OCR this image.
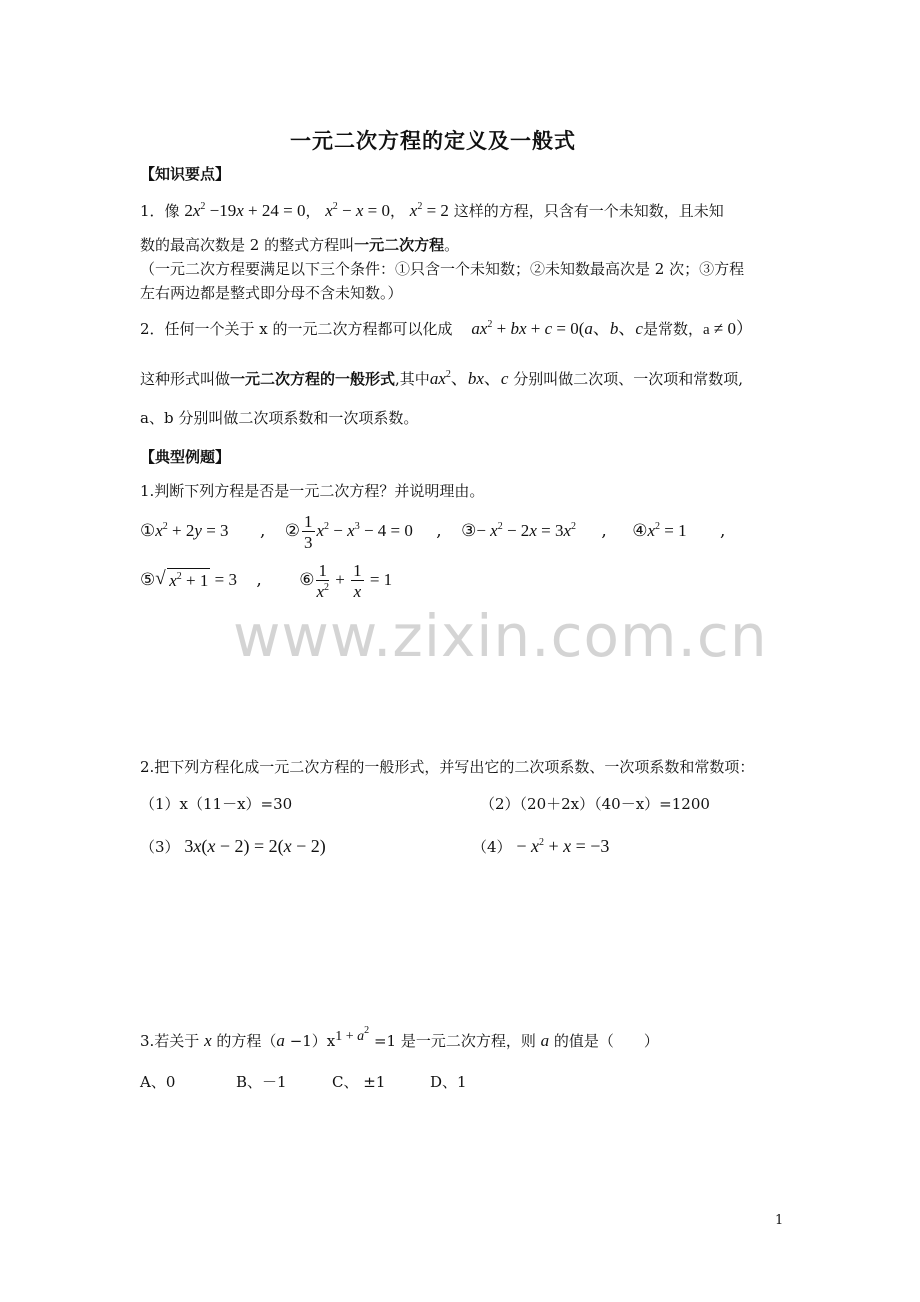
一元二次方程的定义及一般式
【知识要点】
1．像 $2x^2 -19x + 24 = 0$， $x^2 - x = 0$， $x^2 = 2$ 这样的方程，只含有一个未知数，且未知
数的最高次数是 2 的整式方程叫一元二次方程。
（一元二次方程要满足以下三个条件：①只含一个未知数；②未知数最高次是 2 次；③方程
左右两边都是整式即分母不含未知数。）
2．任何一个关于 x 的一元二次方程都可以化成 $ax^2$ + bx + c = 0(a、b、c是常数，a ≠ 0）
这种形式叫做一元二次方程的一般形式,其中$ax^2$、bx、c 分别叫做二次项、一次项和常数项,
a、b 分别叫做二次项系数和一次项系数。
【典型例题】
1.判断下列方程是否是一元二次方程？并说明理由。
$①x^2 + 2y = 3$ , ② $\frac{1}{3} x^2 - x^3 - 4 = 0$ , ③− $x^2 - 2x = 3x^2$ , $④x^2 = 1$ ,
⑤√ $x^2 + 1 = 3$ , ⑥ $\frac{1}{x^2} + \frac{1}{x} = 1$
www.zixin.com.cn
2.把下列方程化成一元二次方程的一般形式，并写出它的二次项系数、一次项系数和常数项：
（1）x（11－x）=30	（2）（20＋2x）（40－x）=1200
（3） 3x(x − 2) = 2(x − 2)	$(4) - x^2 + x = -3$
3.若关于 x 的方程$(a -1)x1 + a^2 =1$ 是一元二次方程，则 a 的值是（　　）
A、0	B、－1	C、 ±1	D、1
1
